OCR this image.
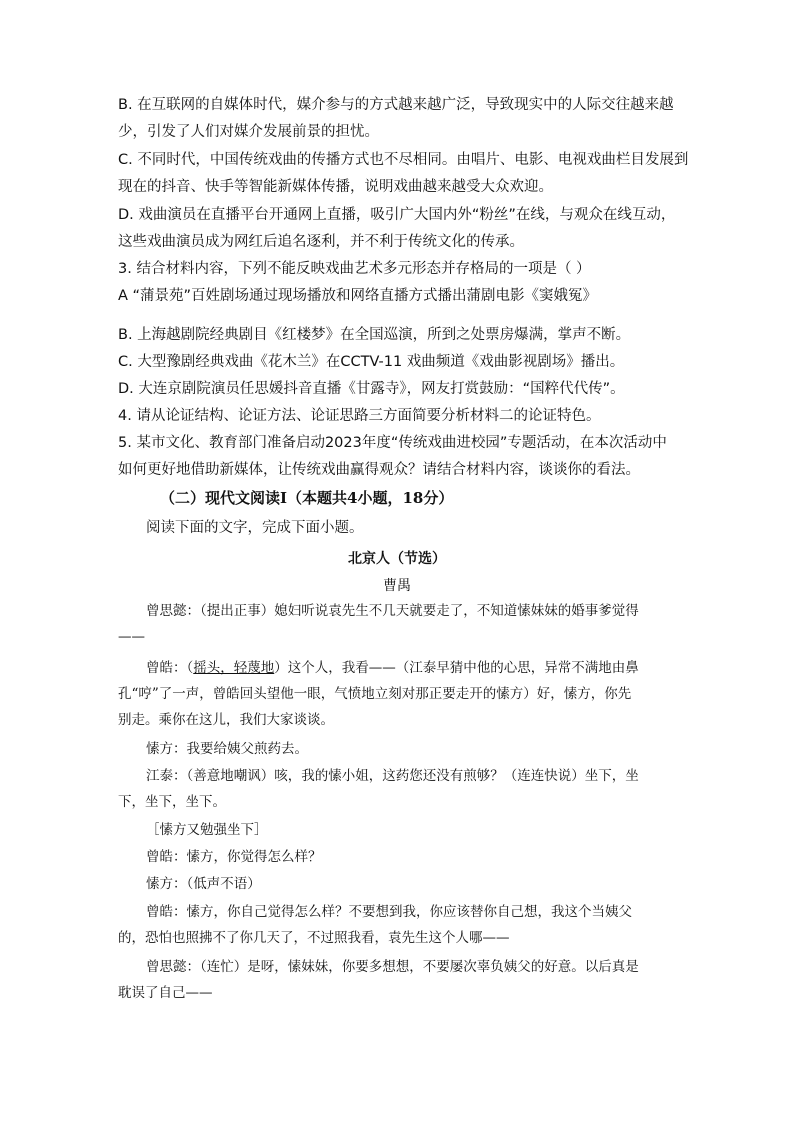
B. 在互联网的自媒体时代，媒介参与的方式越来越广泛，导致现实中的人际交往越来越
少，引发了人们对媒介发展前景的担忧。
C. 不同时代，中国传统戏曲的传播方式也不尽相同。由唱片、电影、电视戏曲栏目发展到
现在的抖音、快手等智能新媒体传播，说明戏曲越来越受大众欢迎。
D. 戏曲演员在直播平台开通网上直播，吸引广大国内外“粉丝”在线，与观众在线互动，
这些戏曲演员成为网红后追名逐利，并不利于传统文化的传承。
3. 结合材料内容，下列不能反映戏曲艺术多元形态并存格局的一项是（ ）
A “蒲景苑”百姓剧场通过现场播放和网络直播方式播出蒲剧电影《窦娥冤》
B. 上海越剧院经典剧目《红楼梦》在全国巡演，所到之处票房爆满，掌声不断。
C. 大型豫剧经典戏曲《花木兰》在CCTV-11 戏曲频道《戏曲影视剧场》播出。
D. 大连京剧院演员任思媛抖音直播《甘露寺》，网友打赏鼓励：“国粹代代传”。
4. 请从论证结构、论证方法、论证思路三方面简要分析材料二的论证特色。
5. 某市文化、教育部门准备启动2023年度“传统戏曲进校园”专题活动，在本次活动中
如何更好地借助新媒体，让传统戏曲赢得观众？请结合材料内容，谈谈你的看法。
（二）现代文阅读Ⅰ（本题共4小题，18分）
阅读下面的文字，完成下面小题。
北京人（节选）
曹禺
曾思懿：（提出正事）媳妇听说袁先生不几天就要走了，不知道愫妹妹的婚事爹觉得
——
曾皓：（摇头，轻蔑地）这个人，我看——（江泰早猜中他的心思，异常不满地由鼻
孔“哼”了一声，曾皓回头望他一眼，气愤地立刻对那正要走开的愫方）好，愫方，你先
别走。乘你在这儿，我们大家谈谈。
愫方：我要给姨父煎药去。
江泰：（善意地嘲讽）咳，我的愫小姐，这药您还没有煎够？（连连快说）坐下，坐
下，坐下，坐下。
［愫方又勉强坐下］
曾皓：愫方，你觉得怎么样？
愫方：（低声不语）
曾皓：愫方，你自己觉得怎么样？不要想到我，你应该替你自己想，我这个当姨父
的，恐怕也照拂不了你几天了，不过照我看，袁先生这个人哪——
曾思懿：（连忙）是呀，愫妹妹，你要多想想，不要屡次辜负姨父的好意。以后真是
耽误了自己——
